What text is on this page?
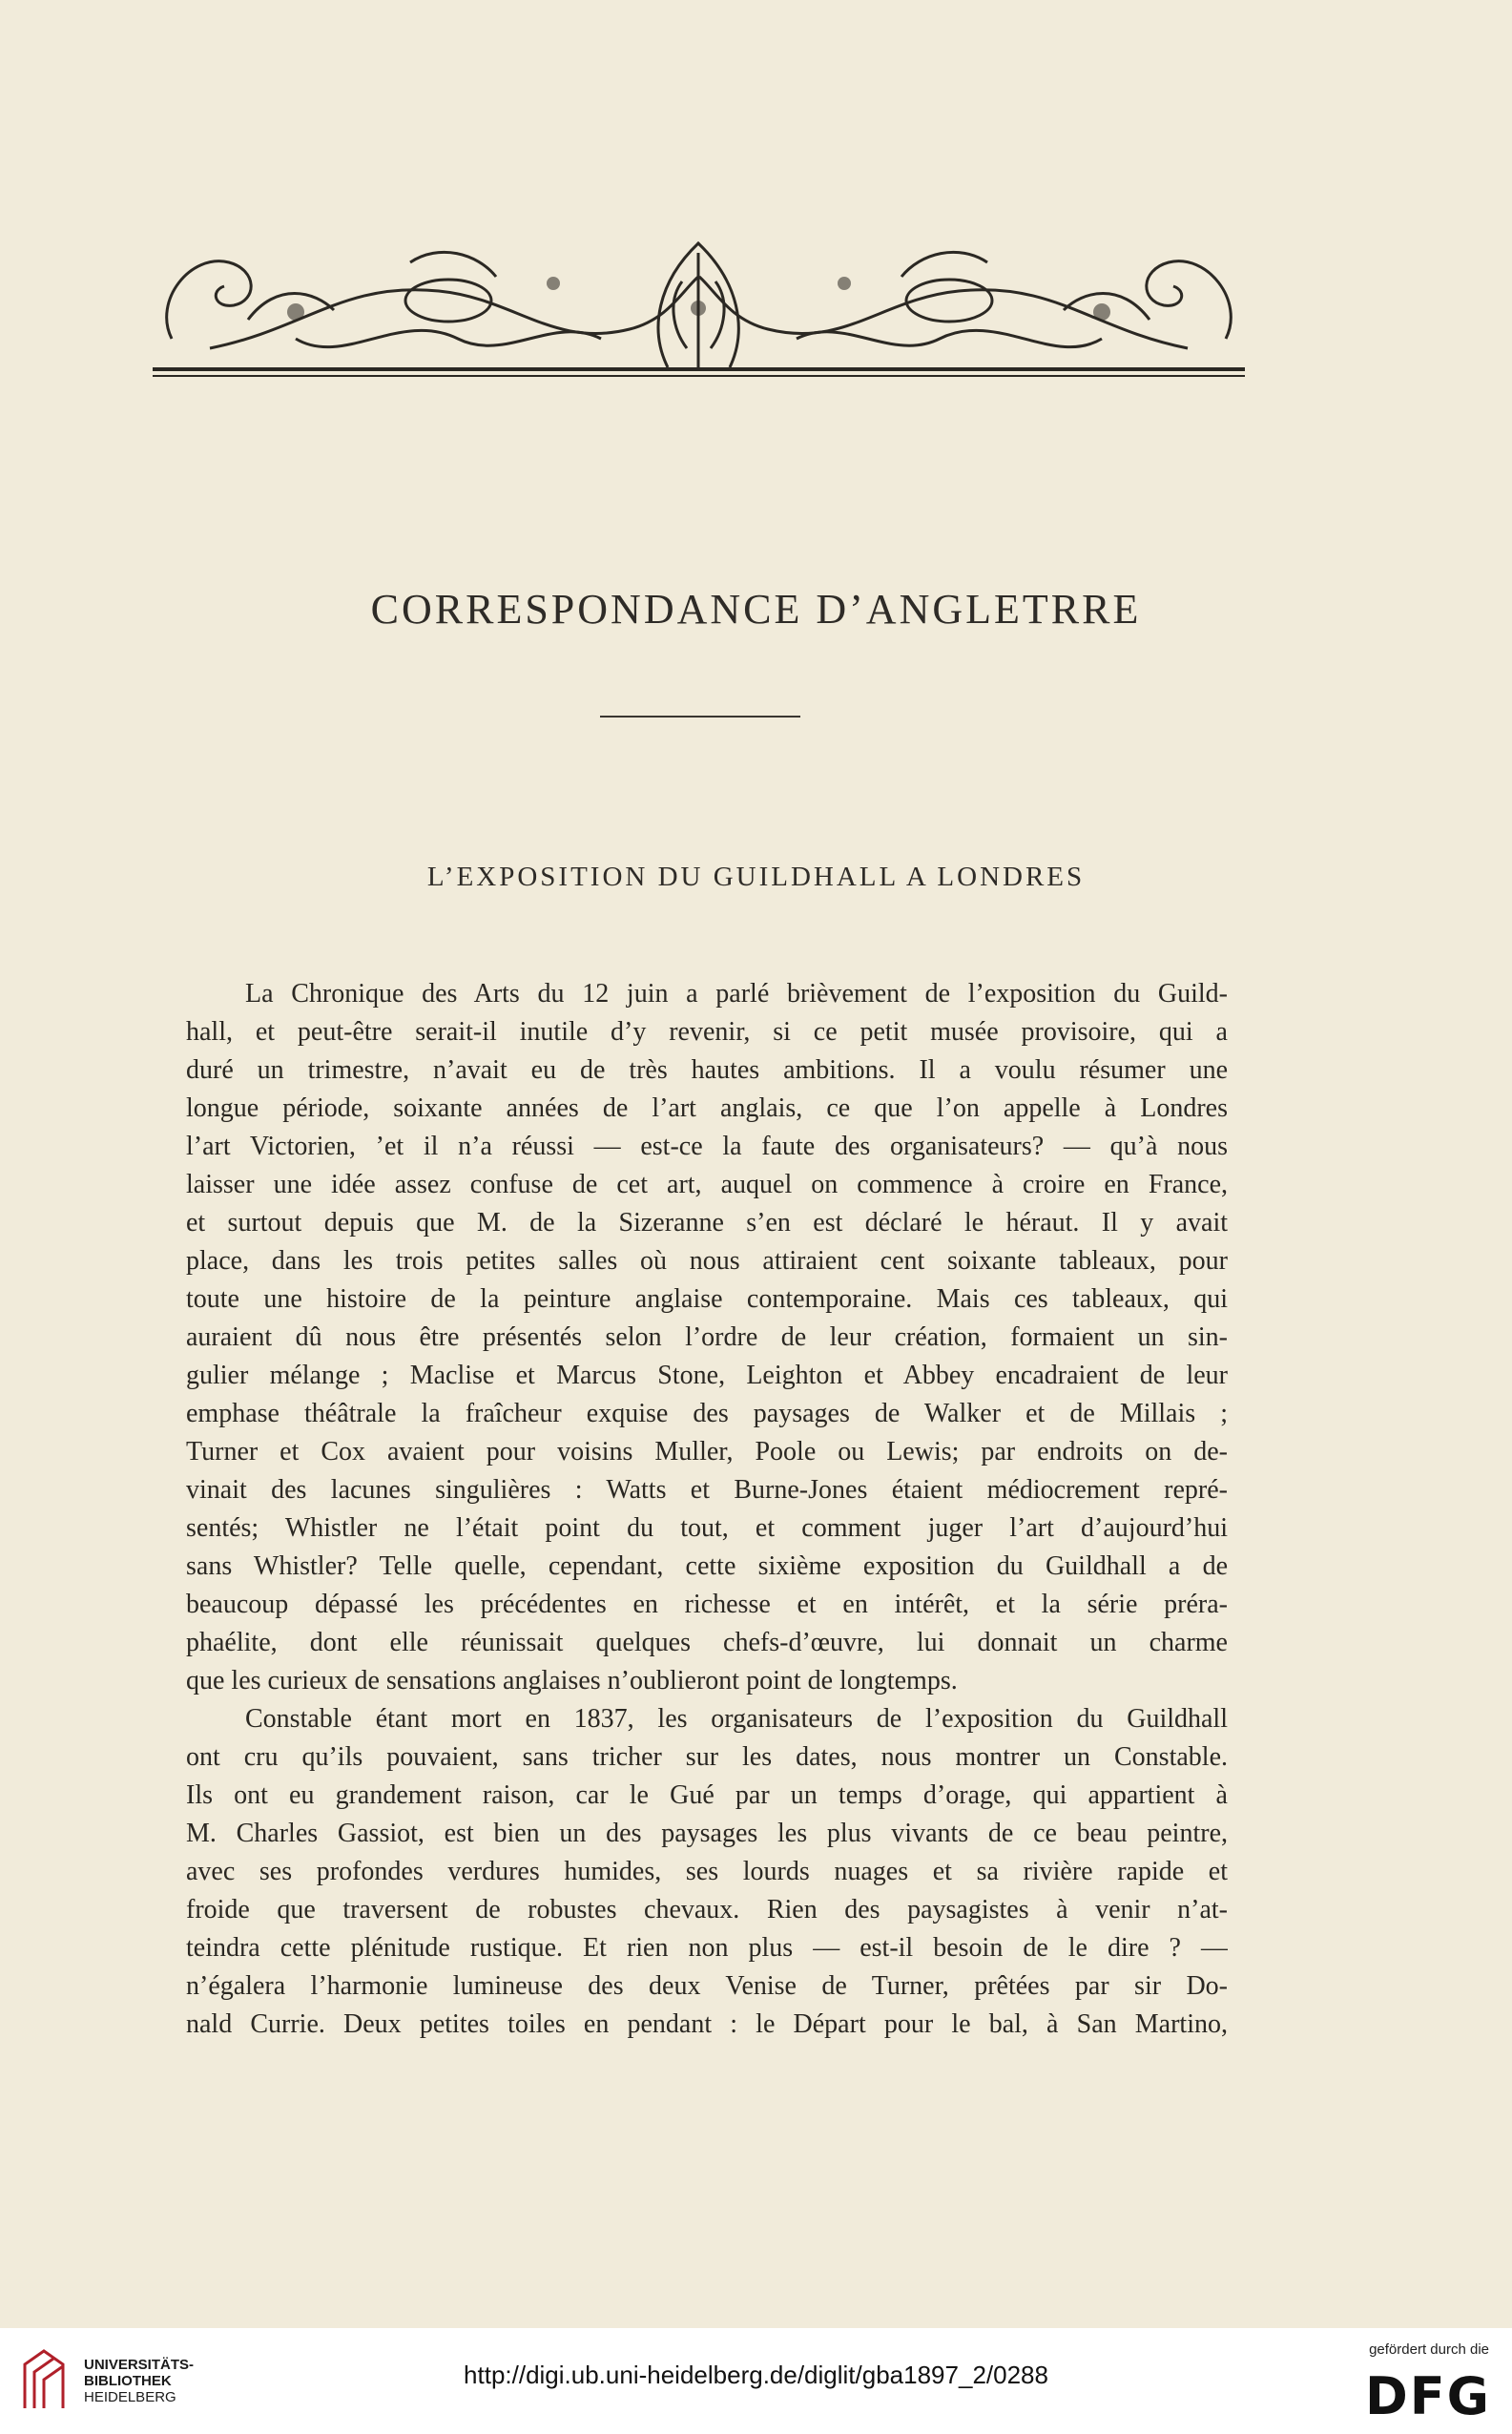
CORRESPONDANCE D’ANGLETRRE
L’EXPOSITION DU GUILDHALL A LONDRES
La Chronique des Arts du 12 juin a parlé brièvement de l’exposition du Guild-
hall, et peut-être serait-il inutile d’y revenir, si ce petit musée provisoire, qui a
duré un trimestre, n’avait eu de très hautes ambitions. Il a voulu résumer une
longue période, soixante années de l’art anglais, ce que l’on appelle à Londres
l’art Victorien, ’et il n’a réussi — est-ce la faute des organisateurs? — qu’à nous
laisser une idée assez confuse de cet art, auquel on commence à croire en France,
et surtout depuis que M. de la Sizeranne s’en est déclaré le héraut. Il y avait
place, dans les trois petites salles où nous attiraient cent soixante tableaux, pour
toute une histoire de la peinture anglaise contemporaine. Mais ces tableaux, qui
auraient dû nous être présentés selon l’ordre de leur création, formaient un sin-
gulier mélange ; Maclise et Marcus Stone, Leighton et Abbey encadraient de leur
emphase théâtrale la fraîcheur exquise des paysages de Walker et de Millais ;
Turner et Cox avaient pour voisins Muller, Poole ou Lewis; par endroits on de-
vinait des lacunes singulières : Watts et Burne-Jones étaient médiocrement repré-
sentés; Whistler ne l’était point du tout, et comment juger l’art d’aujourd’hui
sans Whistler? Telle quelle, cependant, cette sixième exposition du Guildhall a de
beaucoup dépassé les précédentes en richesse et en intérêt, et la série préra-
phaélite, dont elle réunissait quelques chefs-d’œuvre, lui donnait un charme
que les curieux de sensations anglaises n’oublieront point de longtemps.
Constable étant mort en 1837, les organisateurs de l’exposition du Guildhall
ont cru qu’ils pouvaient, sans tricher sur les dates, nous montrer un Constable.
Ils ont eu grandement raison, car le Gué par un temps d’orage, qui appartient à
M. Charles Gassiot, est bien un des paysages les plus vivants de ce beau peintre,
avec ses profondes verdures humides, ses lourds nuages et sa rivière rapide et
froide que traversent de robustes chevaux. Rien des paysagistes à venir n’at-
teindra cette plénitude rustique. Et rien non plus — est-il besoin de le dire ? —
n’égalera l’harmonie lumineuse des deux Venise de Turner, prêtées par sir Do-
nald Currie. Deux petites toiles en pendant : le Départ pour le bal, à San Martino,
UNIVERSITÄTS-
BIBLIOTHEK
HEIDELBERG
http://digi.ub.uni-heidelberg.de/diglit/gba1897_2/0288
gefördert durch die
DFG
